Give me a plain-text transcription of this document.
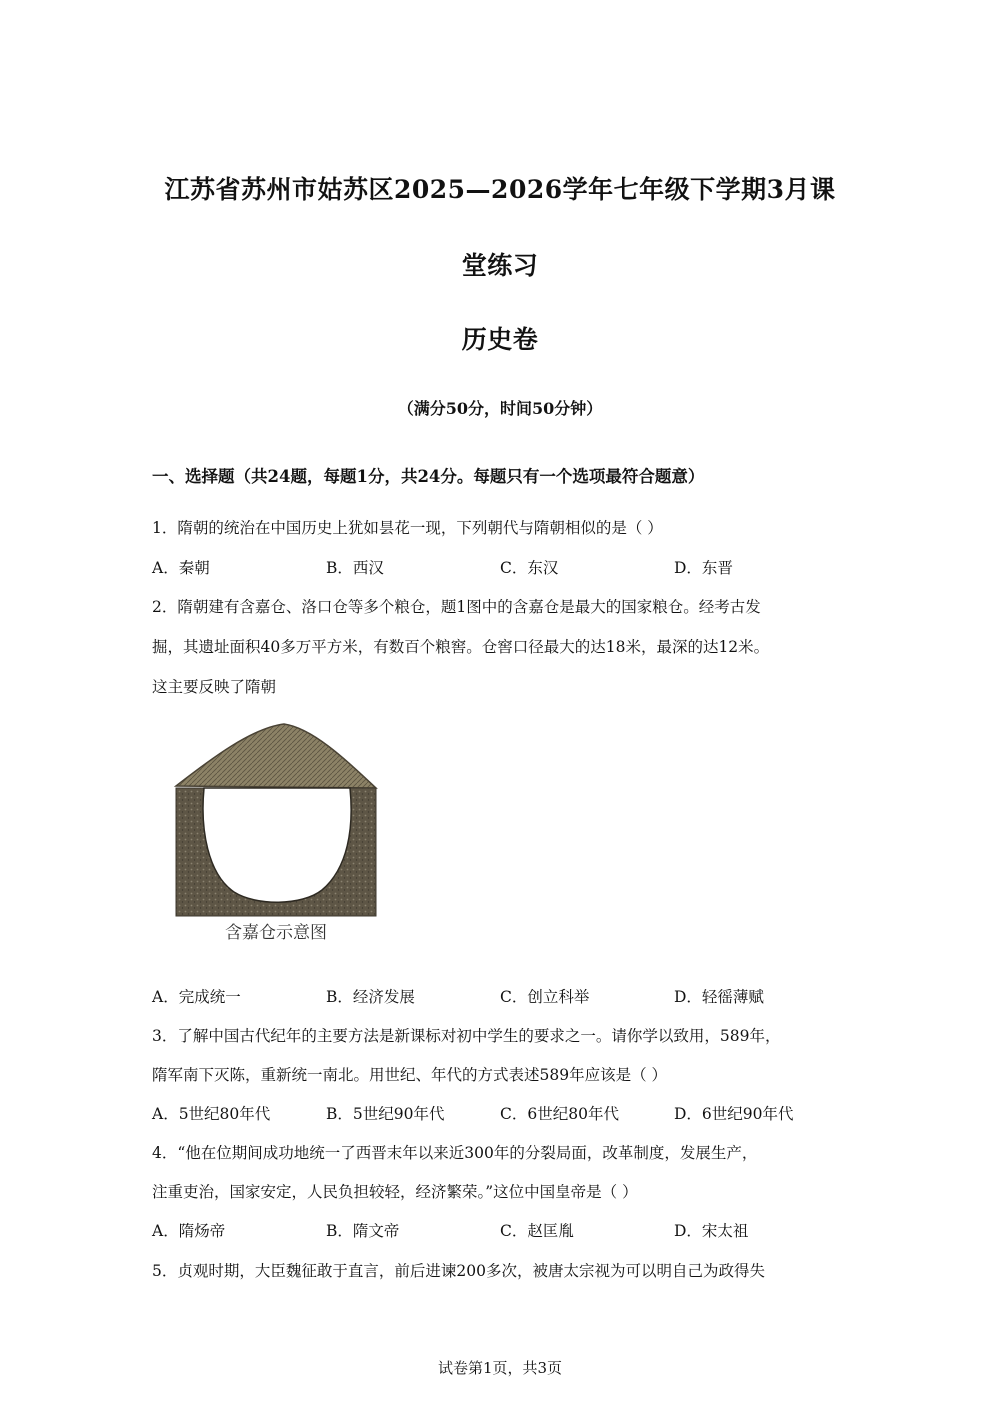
江苏省苏州市姑苏区2025—2026学年七年级下学期3月课
堂练习
历史卷
（满分50分，时间50分钟）
一、选择题（共24题，每题1分，共24分。每题只有一个选项最符合题意）
1．隋朝的统治在中国历史上犹如昙花一现，下列朝代与隋朝相似的是（ ）
A．秦朝	B．西汉	C．东汉	D．东晋
2．隋朝建有含嘉仓、洛口仓等多个粮仓，题1图中的含嘉仓是最大的国家粮仓。经考古发
掘，其遗址面积40多万平方米，有数百个粮窖。仓窖口径最大的达18米，最深的达12米。
这主要反映了隋朝
含嘉仓示意图
A．完成统一	B．经济发展	C．创立科举	D．轻徭薄赋
3．了解中国古代纪年的主要方法是新课标对初中学生的要求之一。请你学以致用，589年，
隋军南下灭陈，重新统一南北。用世纪、年代的方式表述589年应该是（ ）
A．5世纪80年代	B．5世纪90年代	C．6世纪80年代	D．6世纪90年代
4．“他在位期间成功地统一了西晋末年以来近300年的分裂局面，改革制度，发展生产，
注重吏治，国家安定，人民负担较轻，经济繁荣。”这位中国皇帝是（ ）
A．隋炀帝	B．隋文帝	C．赵匡胤	D．宋太祖
5．贞观时期，大臣魏征敢于直言，前后进谏200多次，被唐太宗视为可以明自己为政得失
试卷第1页，共3页
